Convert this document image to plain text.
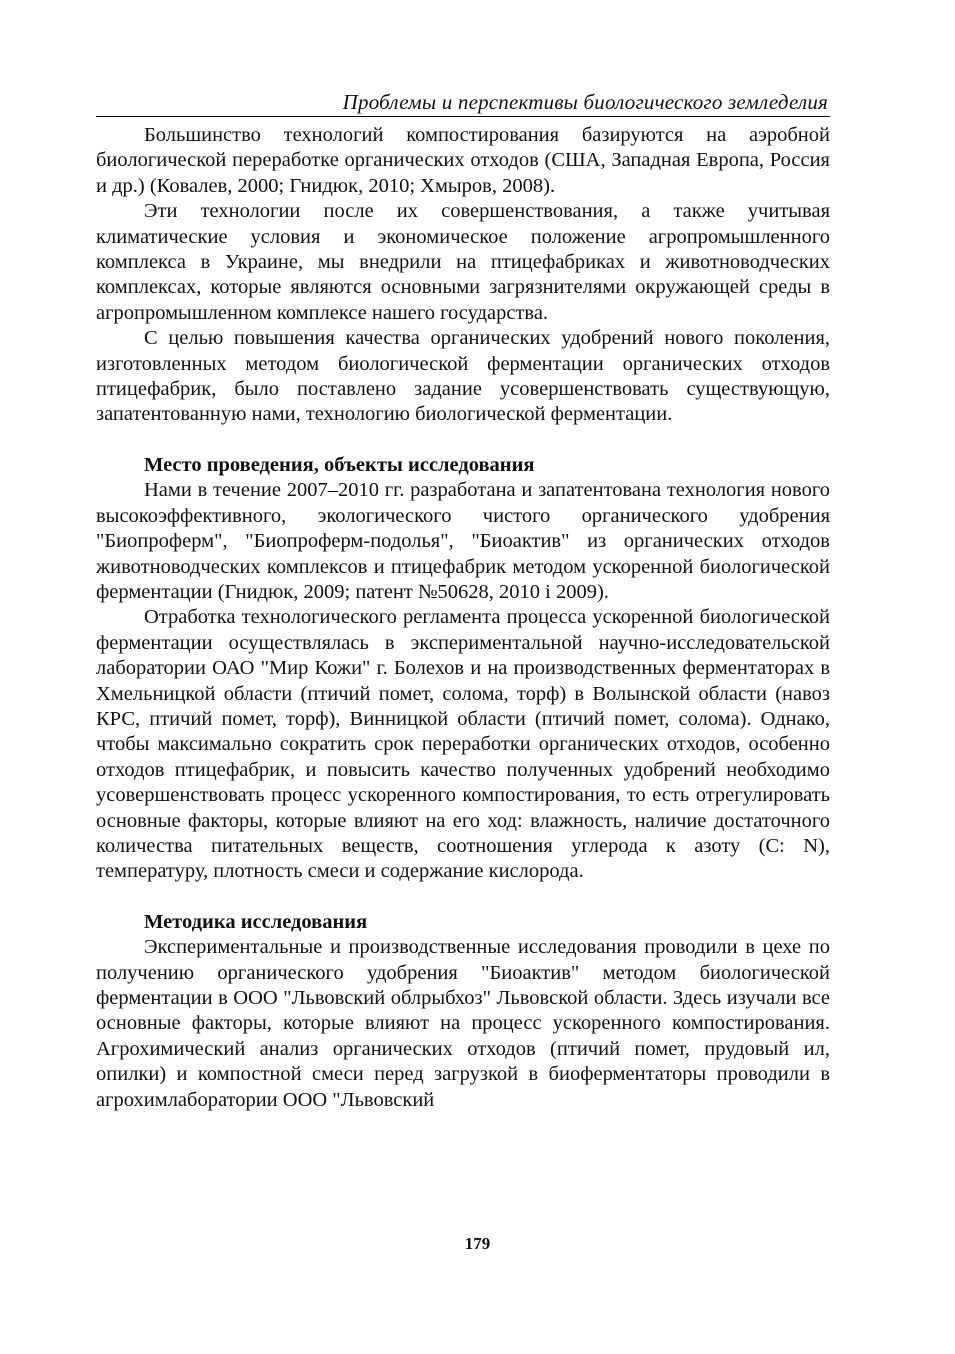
Проблемы и перспективы биологического земледелия

Большинство технологий компостирования базируются на аэробной биологической переработке органических отходов (США, Западная Европа, Россия и др.) (Ковалев, 2000; Гнидюк, 2010; Хмыров, 2008).

Эти технологии после их совершенствования, а также учитывая климатические условия и экономическое положение агропромышленного комплекса в Украине, мы внедрили на птицефабриках и животноводческих комплексах, которые являются основными загрязнителями окружающей среды в агропромышленном комплексе нашего государства.

С целью повышения качества органических удобрений нового поколения, изготовленных методом биологической ферментации органических отходов птицефабрик, было поставлено задание усовершенствовать существующую, запатентованную нами, технологию биологической ферментации.

Место проведения, объекты исследования

Нами в течение 2007–2010 гг. разработана и запатентована технология нового высокоэффективного, экологического чистого органического удобрения "Биопроферм", "Биопроферм-подолья", "Биоактив" из органических отходов животноводческих комплексов и птицефабрик методом ускоренной биологической ферментации (Гнидюк, 2009; патент №50628, 2010 і 2009).

Отработка технологического регламента процесса ускоренной биологической ферментации осуществлялась в экспериментальной научно-исследовательской лаборатории ОАО "Мир Кожи" г. Болехов и на производственных ферментаторах в Хмельницкой области (птичий помет, солома, торф) в Волынской области (навоз КРС, птичий помет, торф), Винницкой области (птичий помет, солома). Однако, чтобы максимально сократить срок переработки органических отходов, особенно отходов птицефабрик, и повысить качество полученных удобрений необходимо усовершенствовать процесс ускоренного компостирования, то есть отрегулировать основные факторы, которые влияют на его ход: влажность, наличие достаточного количества питательных веществ, соотношения углерода к азоту (С: N), температуру, плотность смеси и содержание кислорода.

Методика исследования

Экспериментальные и производственные исследования проводили в цехе по получению органического удобрения "Биоактив" методом биологической ферментации в ООО "Львовский облрыбхоз" Львовской области. Здесь изучали все основные факторы, которые влияют на процесс ускоренного компостирования. Агрохимический анализ органических отходов (птичий помет, прудовый ил, опилки) и компостной смеси перед загрузкой в биоферментаторы проводили в агрохимлаборатории ООО "Львовский

179
